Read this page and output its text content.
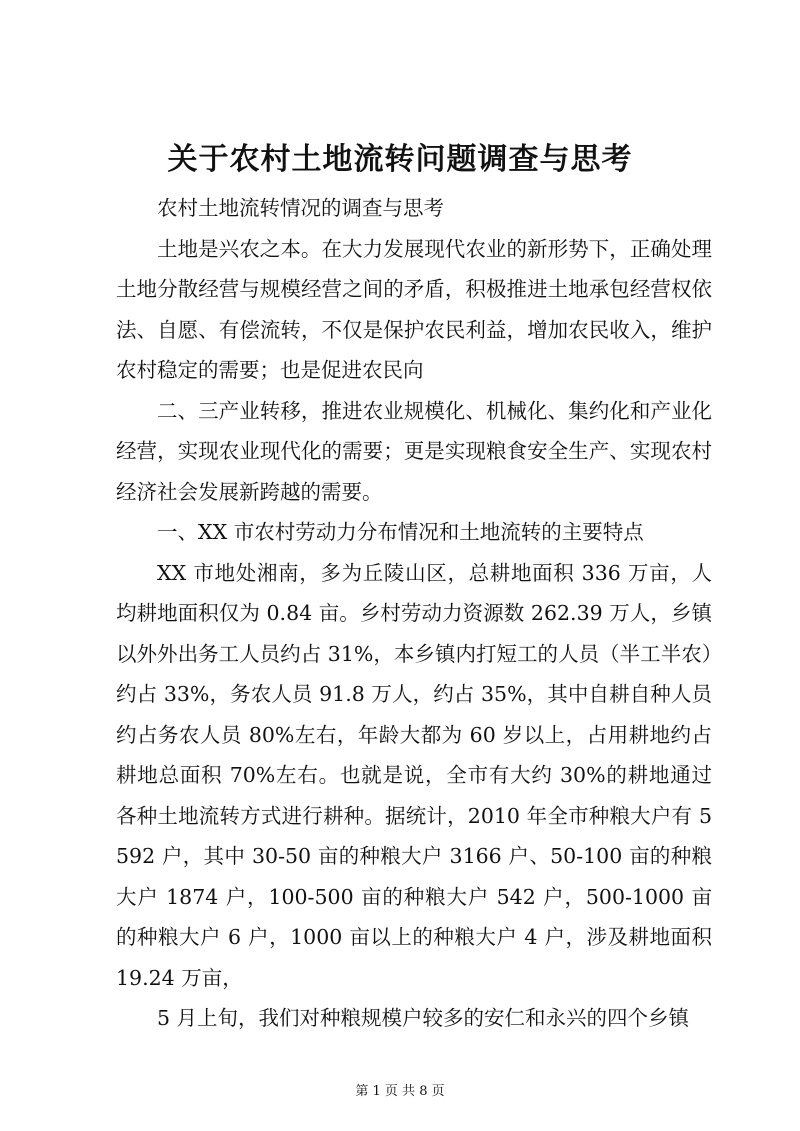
关于农村土地流转问题调查与思考

农村土地流转情况的调查与思考

土地是兴农之本。在大力发展现代农业的新形势下，正确处理土地分散经营与规模经营之间的矛盾，积极推进土地承包经营权依法、自愿、有偿流转，不仅是保护农民利益，增加农民收入，维护农村稳定的需要；也是促进农民向

二、三产业转移，推进农业规模化、机械化、集约化和产业化经营，实现农业现代化的需要；更是实现粮食安全生产、实现农村经济社会发展新跨越的需要。

一、XX 市农村劳动力分布情况和土地流转的主要特点

XX 市地处湘南，多为丘陵山区，总耕地面积 336 万亩，人均耕地面积仅为 0.84 亩。乡村劳动力资源数 262.39 万人，乡镇以外外出务工人员约占 31%，本乡镇内打短工的人员（半工半农）约占 33%，务农人员 91.8 万人，约占 35%，其中自耕自种人员约占务农人员 80%左右，年龄大都为 60 岁以上，占用耕地约占耕地总面积 70%左右。也就是说，全市有大约 30%的耕地通过各种土地流转方式进行耕种。据统计，2010 年全市种粮大户有 5592 户，其中 30-50 亩的种粮大户 3166 户、50-100 亩的种粮大户 1874 户，100-500 亩的种粮大户 542 户，500-1000 亩的种粮大户 6 户，1000 亩以上的种粮大户 4 户，涉及耕地面积 19.24 万亩，

5 月上旬，我们对种粮规模户较多的安仁和永兴的四个乡镇

第 1 页 共 8 页
